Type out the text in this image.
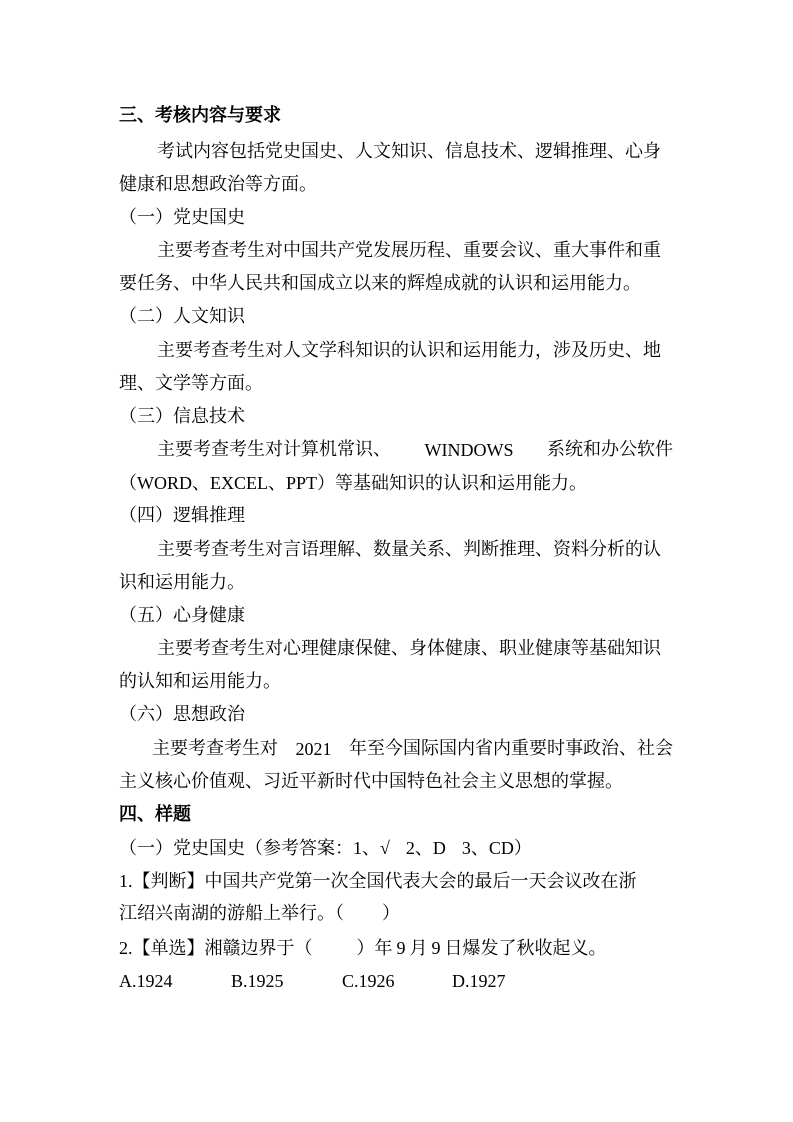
三、考核内容与要求
考试内容包括党史国史、人文知识、信息技术、逻辑推理、心身
健康和思想政治等方面。
（一）党史国史
主要考查考生对中国共产党发展历程、重要会议、重大事件和重
要任务、中华人民共和国成立以来的辉煌成就的认识和运用能力。
（二）人文知识
主要考查考生对人文学科知识的认识和运用能力，涉及历史、地
理、文学等方面。
（三）信息技术
主要考查考生对计算机常识、 WINDOWS 系统和办公软件
（WORD、EXCEL、PPT）等基础知识的认识和运用能力。
（四）逻辑推理
主要考查考生对言语理解、数量关系、判断推理、资料分析的认
识和运用能力。
（五）心身健康
主要考查考生对心理健康保健、身体健康、职业健康等基础知识
的认知和运用能力。
（六）思想政治
主要考查考生对 2021 年至今国际国内省内重要时事政治、社会
主义核心价值观、习近平新时代中国特色社会主义思想的掌握。
四、样题
（一）党史国史（参考答案：1、√ 2、D 3、CD）
1.【判断】中国共产党第一次全国代表大会的最后一天会议改在浙
江绍兴南湖的游船上举行。（ ）
2.【单选】湘赣边界于（ ）年 9 月 9 日爆发了秋收起义。
A.1924	B.1925	C.1926	D.1927
